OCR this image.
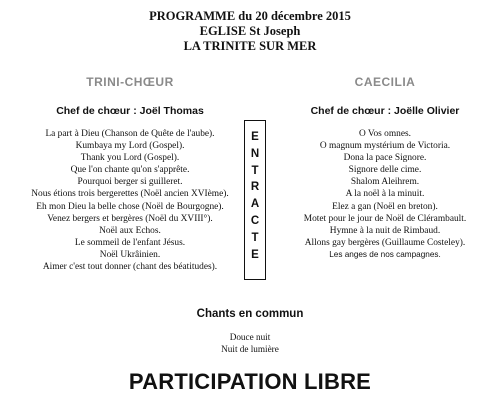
PROGRAMME du 20 décembre 2015
EGLISE St Joseph
LA TRINITE SUR MER
TRINI-CHŒUR
Chef de chœur : Joël Thomas
La part à Dieu (Chanson de Quête de l'aube).
Kumbaya my Lord (Gospel).
Thank you Lord (Gospel).
Que l'on chante qu'on s'apprête.
Pourquoi berger si guilleret.
Nous étions trois bergerettes (Noël ancien XVIème).
Eh mon Dieu la belle chose (Noël de Bourgogne).
Venez bergers et bergères (Noël du XVIII°).
Noël aux Echos.
Le sommeil de l'enfant Jésus.
Noël Ukrâinien.
Aimer c'est tout donner (chant des béatitudes).
E
N
T
R
A
C
T
E
CAECILIA
Chef de chœur : Joëlle Olivier
O Vos omnes.
O magnum mystérium de Victoria.
Dona la pace Signore.
Signore delle cime.
Shalom Aleihrem.
A la noël à la minuit.
Elez a gan (Noël en breton).
Motet pour le jour de Noël de Clérambault.
Hymne à la nuit de Rimbaud.
Allons gay bergères (Guillaume Costeley).
Les anges de nos campagnes.
Chants en commun
Douce nuit
Nuit de lumière
PARTICIPATION LIBRE
